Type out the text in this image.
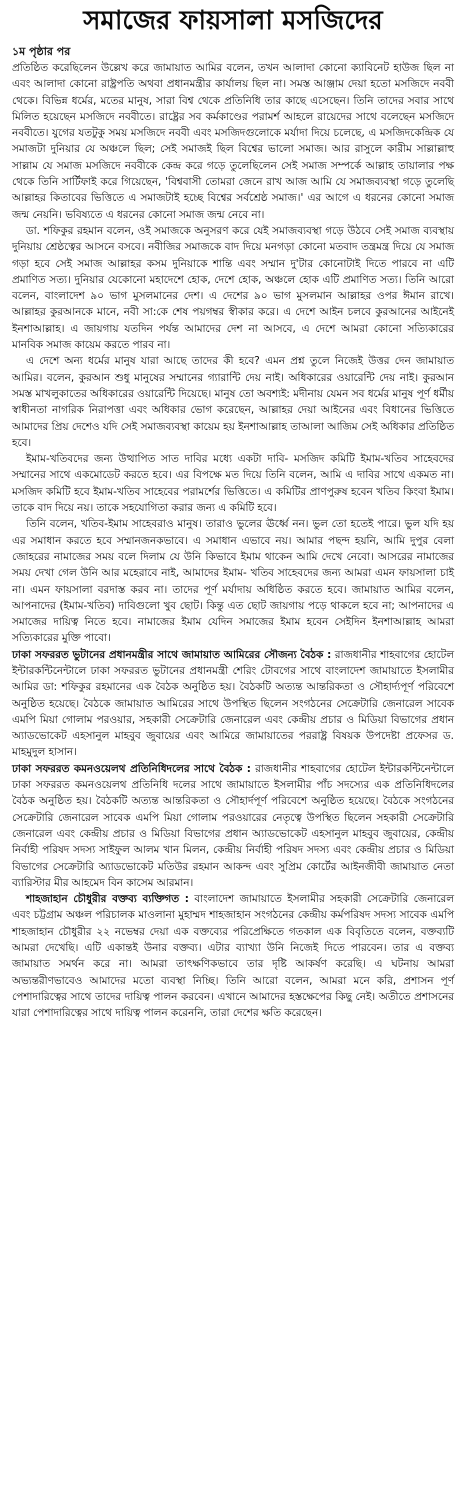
সমাজের ফায়সালা মসজিদের
১ম পৃষ্ঠার পর

প্রতিষ্ঠিত করেছিলেন উল্লেখ করে জামায়াত আমির বলেন, তখন আলাদা কোনো ক্যাবিনেট হাউজ ছিল না এবং আলাদা কোনো রাষ্ট্রপতি অথবা প্রধানমন্ত্রীর কার্যালয় ছিল না। সমস্ত আঞ্জাম দেয়া হতো মসজিদে নববী থেকে। বিভিন্ন ধর্মের, মতের মানুষ, সারা বিশ্ব থেকে প্রতিনিধি তার কাছে এসেছেন। তিনি তাদের সবার সাথে মিলিত হয়েছেন মসজিদে নববীতে। রাষ্ট্রের সব কর্মকাণ্ডের পরামর্শ আহলে রায়েদের সাথে বলেছেন মসজিদে নববীতে। যুগের যতটুকু সময় মসজিদে নববী এবং মসজিদগুলোকে মর্যাদা দিয়ে চলেছে, এ মসজিদকেন্দ্রিক যে সমাজটা দুনিয়ার যে অঞ্চলে ছিল; সেই সমাজই ছিল বিশ্বের ভালো সমাজ। আর রাসুলে কারীম সাল্লাল্লাহু সাল্লাম যে সমাজ মসজিদে নববীকে কেন্দ্র করে গড়ে তুলেছিলেন সেই সমাজ সম্পর্কে আল্লাহ তায়ালার পক্ষ থেকে তিনি সার্টিফাই করে গিয়েছেন, 'বিশ্ববাসী তোমরা জেনে রাখ আজ আমি যে সমাজব্যবস্থা গড়ে তুলেছি আল্লাহর কিতাবের ভিত্তিতে এ সমাজটাই হচ্ছে বিশ্বের সর্বশ্রেষ্ঠ সমাজ।' এর আগে এ ধরনের কোনো সমাজ জন্ম নেয়নি। ভবিষ্যতে এ ধরনের কোনো সমাজ জন্ম নেবে না।

ডা. শফিকুর রহমান বলেন, ওই সমাজকে অনুসরণ করে যেই সমাজব্যবস্থা গড়ে উঠবে সেই সমাজ ব্যবস্থায় দুনিয়ায় শ্রেষ্ঠত্বের আসনে বসবে। নবীজির সমাজকে বাদ দিয়ে মনগড়া কোনো মতবাদ তন্ত্রমন্ত্র দিয়ে যে সমাজ গড়া হবে সেই সমাজ আল্লাহর কসম দুনিয়াকে শান্তি এবং সম্মান দু'টার কোনোটাই দিতে পারবে না এটি প্রমাণিত সত্য। দুনিয়ার যেকোনো মহাদেশে হোক, দেশে হোক, অঞ্চলে হোক এটি প্রমাণিত সত্য। তিনি আরো বলেন, বাংলাদেশ ৯০ ভাগ মুসলমানের দেশ। এ দেশের ৯০ ভাগ মুসলমান আল্লাহর ওপর ঈমান রাখে। আল্লাহর কুরআনকে মানে, নবী সা:কে শেষ পয়গম্বর স্বীকার করে। এ দেশে আইন চলবে কুরআনের আইনেই ইনশাআল্লাহ। এ জায়গায় যতদিন পর্যন্ত আমাদের দেশ না আসবে, এ দেশে আমরা কোনো সত্যিকারের মানবিক সমাজ কায়েম করতে পারব না।

এ দেশে অন্য ধর্মের মানুষ যারা আছে তাদের কী হবে? এমন প্রশ্ন তুলে নিজেই উত্তর দেন জামায়াত আমির। বলেন, কুরআন শুধু মানুষের সম্মানের গ্যারান্টি দেয় নাই। অধিকারের ওয়ারেন্টি দেয় নাই। কুরআন সমস্ত মাখলুকাতের অধিকারের ওয়ারেন্টি দিয়েছে। মানুষ তো অবশ্যই: মদীনায় যেমন সব ধর্মের মানুষ পূর্ণ ধর্মীয় স্বাধীনতা নাগরিক নিরাপত্তা এবং অধিকার ভোগ করেছেন, আল্লাহর দেয়া আইনের এবং বিধানের ভিত্তিতে আমাদের প্রিয় দেশেও যদি সেই সমাজব্যবস্থা কায়েম হয় ইনশাআল্লাহ তাআলা আজিম সেই অধিকার প্রতিষ্ঠিত হবে।

ইমাম-খতিবদের জন্য উত্থাপিত সাত দাবির মধ্যে একটা দাবি- মসজিদ কমিটি ইমাম-খতিব সাহেবদের সম্মানের সাথে একমোডেট করতে হবে। এর বিপক্ষে মত দিয়ে তিনি বলেন, আমি এ দাবির সাথে একমত না। মসজিদ কমিটি হবে ইমাম-খতিব সাহেবের পরামর্শের ভিত্তিতে। এ কমিটির প্রাণপুরুষ হবেন খতিব কিংবা ইমাম। তাকে বাদ দিয়ে নয়। তাকে সহযোগিতা করার জন্য এ কমিটি হবে।

তিনি বলেন, খতিব-ইমাম সাহেবরাও মানুষ। তারাও ভুলের ঊর্ধ্বে নন। ভুল তো হতেই পারে। ভুল যদি হয় এর সমাধান করতে হবে সম্মানজনকভাবে। এ সমাধান এভাবে নয়। আমার পছন্দ হয়নি, আমি দুপুর বেলা জোহরের নামাজের সময় বলে দিলাম যে উনি কিভাবে ইমাম থাকেন আমি দেখে নেবো। আসরের নামাজের সময় দেখা গেল উনি আর মহেরাবে নাই, আমাদের ইমাম- খতিব সাহেবদের জন্য আমরা এমন ফায়সালা চাই না। এমন ফায়সালা বরদাস্ত করব না। তাদের পূর্ণ মর্যাদায় অধিষ্ঠিত করতে হবে। জামায়াত আমির বলেন, আপনাদের (ইমাম-খতিব) দাবিগুলো খুব ছোট। কিন্তু এত ছোট জায়গায় পড়ে থাকলে হবে না; আপনাদের এ সমাজের দায়িত্ব নিতে হবে। নামাজের ইমাম যেদিন সমাজের ইমাম হবেন সেইদিন ইনশাআল্লাহ আমরা সত্যিকারের মুক্তি পাবো।

ঢাকা সফররত ভুটানের প্রধানমন্ত্রীর সাথে জামায়াত আমিরের সৌজন্য বৈঠক : রাজধানীর শাহবাগের হোটেল ইন্টারকন্টিনেন্টালে ঢাকা সফররত ভুটানের প্রধানমন্ত্রী শেরিং টোবগের সাথে বাংলাদেশ জামায়াতে ইসলামীর আমির ডা: শফিকুর রহমানের এক বৈঠক অনুষ্ঠিত হয়। বৈঠকটি অত্যন্ত আন্তরিকতা ও সৌহার্দ্যপূর্ণ পরিবেশে অনুষ্ঠিত হয়েছে। বৈঠকে জামায়াত আমিরের সাথে উপস্থিত ছিলেন সংগঠনের সেক্রেটারি জেনারেল সাবেক এমপি মিয়া গোলাম পরওয়ার, সহকারী সেক্রেটারি জেনারেল এবং কেন্দ্রীয় প্রচার ও মিডিয়া বিভাগের প্রধান অ্যাডভোকেট এহসানুল মাহবুব জুবায়ের এবং আমিরে জামায়াতের পররাষ্ট্র বিষয়ক উপদেষ্টা প্রফেসর ড. মাহমুদুল হাসান।

ঢাকা সফররত কমনওয়েলথ প্রতিনিধিদলের সাথে বৈঠক : রাজধানীর শাহবাগের হোটেল ইন্টারকন্টিনেন্টালে ঢাকা সফররত কমনওয়েলথ প্রতিনিধি দলের সাথে জামায়াতে ইসলামীর পাঁচ সদস্যের এক প্রতিনিধিদলের বৈঠক অনুষ্ঠিত হয়। বৈঠকটি অত্যন্ত আন্তরিকতা ও সৌহার্দপূর্ণ পরিবেশে অনুষ্ঠিত হয়েছে। বৈঠকে সংগঠনের সেক্রেটারি জেনারেল সাবেক এমপি মিয়া গোলাম পরওয়ারের নেতৃত্বে উপস্থিত ছিলেন সহকারী সেক্রেটারি জেনারেল এবং কেন্দ্রীয় প্রচার ও মিডিয়া বিভাগের প্রধান অ্যাডভোকেট এহসানুল মাহবুব জুবায়ের, কেন্দ্রীয় নির্বাহী পরিষদ সদস্য সাইফুল আলম খান মিলন, কেন্দ্রীয় নির্বাহী পরিষদ সদস্য এবং কেন্দ্রীয় প্রচার ও মিডিয়া বিভাগের সেক্রেটারি অ্যাডভোকেট মতিউর রহমান আকন্দ এবং সুপ্রিম কোর্টের আইনজীবী জামায়াত নেতা ব্যারিস্টার মীর আহমেদ বিন কাসেম আরমান।

শাহজাহান চৌধুরীর বক্তব্য ব্যক্তিগত : বাংলাদেশ জামায়াতে ইসলামীর সহকারী সেক্রেটারি জেনারেল এবং চট্টগ্রাম অঞ্চল পরিচালক মাওলানা মুহাম্মদ শাহজাহান সংগঠনের কেন্দ্রীয় কর্মপরিষদ সদস্য সাবেক এমপি শাহজাহান চৌধুরীর ২২ নভেম্বর দেয়া এক বক্তব্যের পরিপ্রেক্ষিতে গতকাল এক বিবৃতিতে বলেন, বক্তব্যটি আমরা দেখেছি। এটি একান্তই উনার বক্তব্য। এটার ব্যাখ্যা উনি নিজেই দিতে পারবেন। তার এ বক্তব্য জামায়াত সমর্থন করে না। আমরা তাৎক্ষণিকভাবে তার দৃষ্টি আকর্ষণ করেছি। এ ঘটনায় আমরা অভ্যন্তরীণভাবেও আমাদের মতো ব্যবস্থা নিচ্ছি। তিনি আরো বলেন, আমরা মনে করি, প্রশাসন পূর্ণ পেশাদারিত্বের সাথে তাদের দায়িত্ব পালন করবেন। এখানে আমাদের হস্তক্ষেপের কিছু নেই। অতীতে প্রশাসনের যারা পেশাদারিত্বের সাথে দায়িত্ব পালন করেননি, তারা দেশের ক্ষতি করেছেন।
